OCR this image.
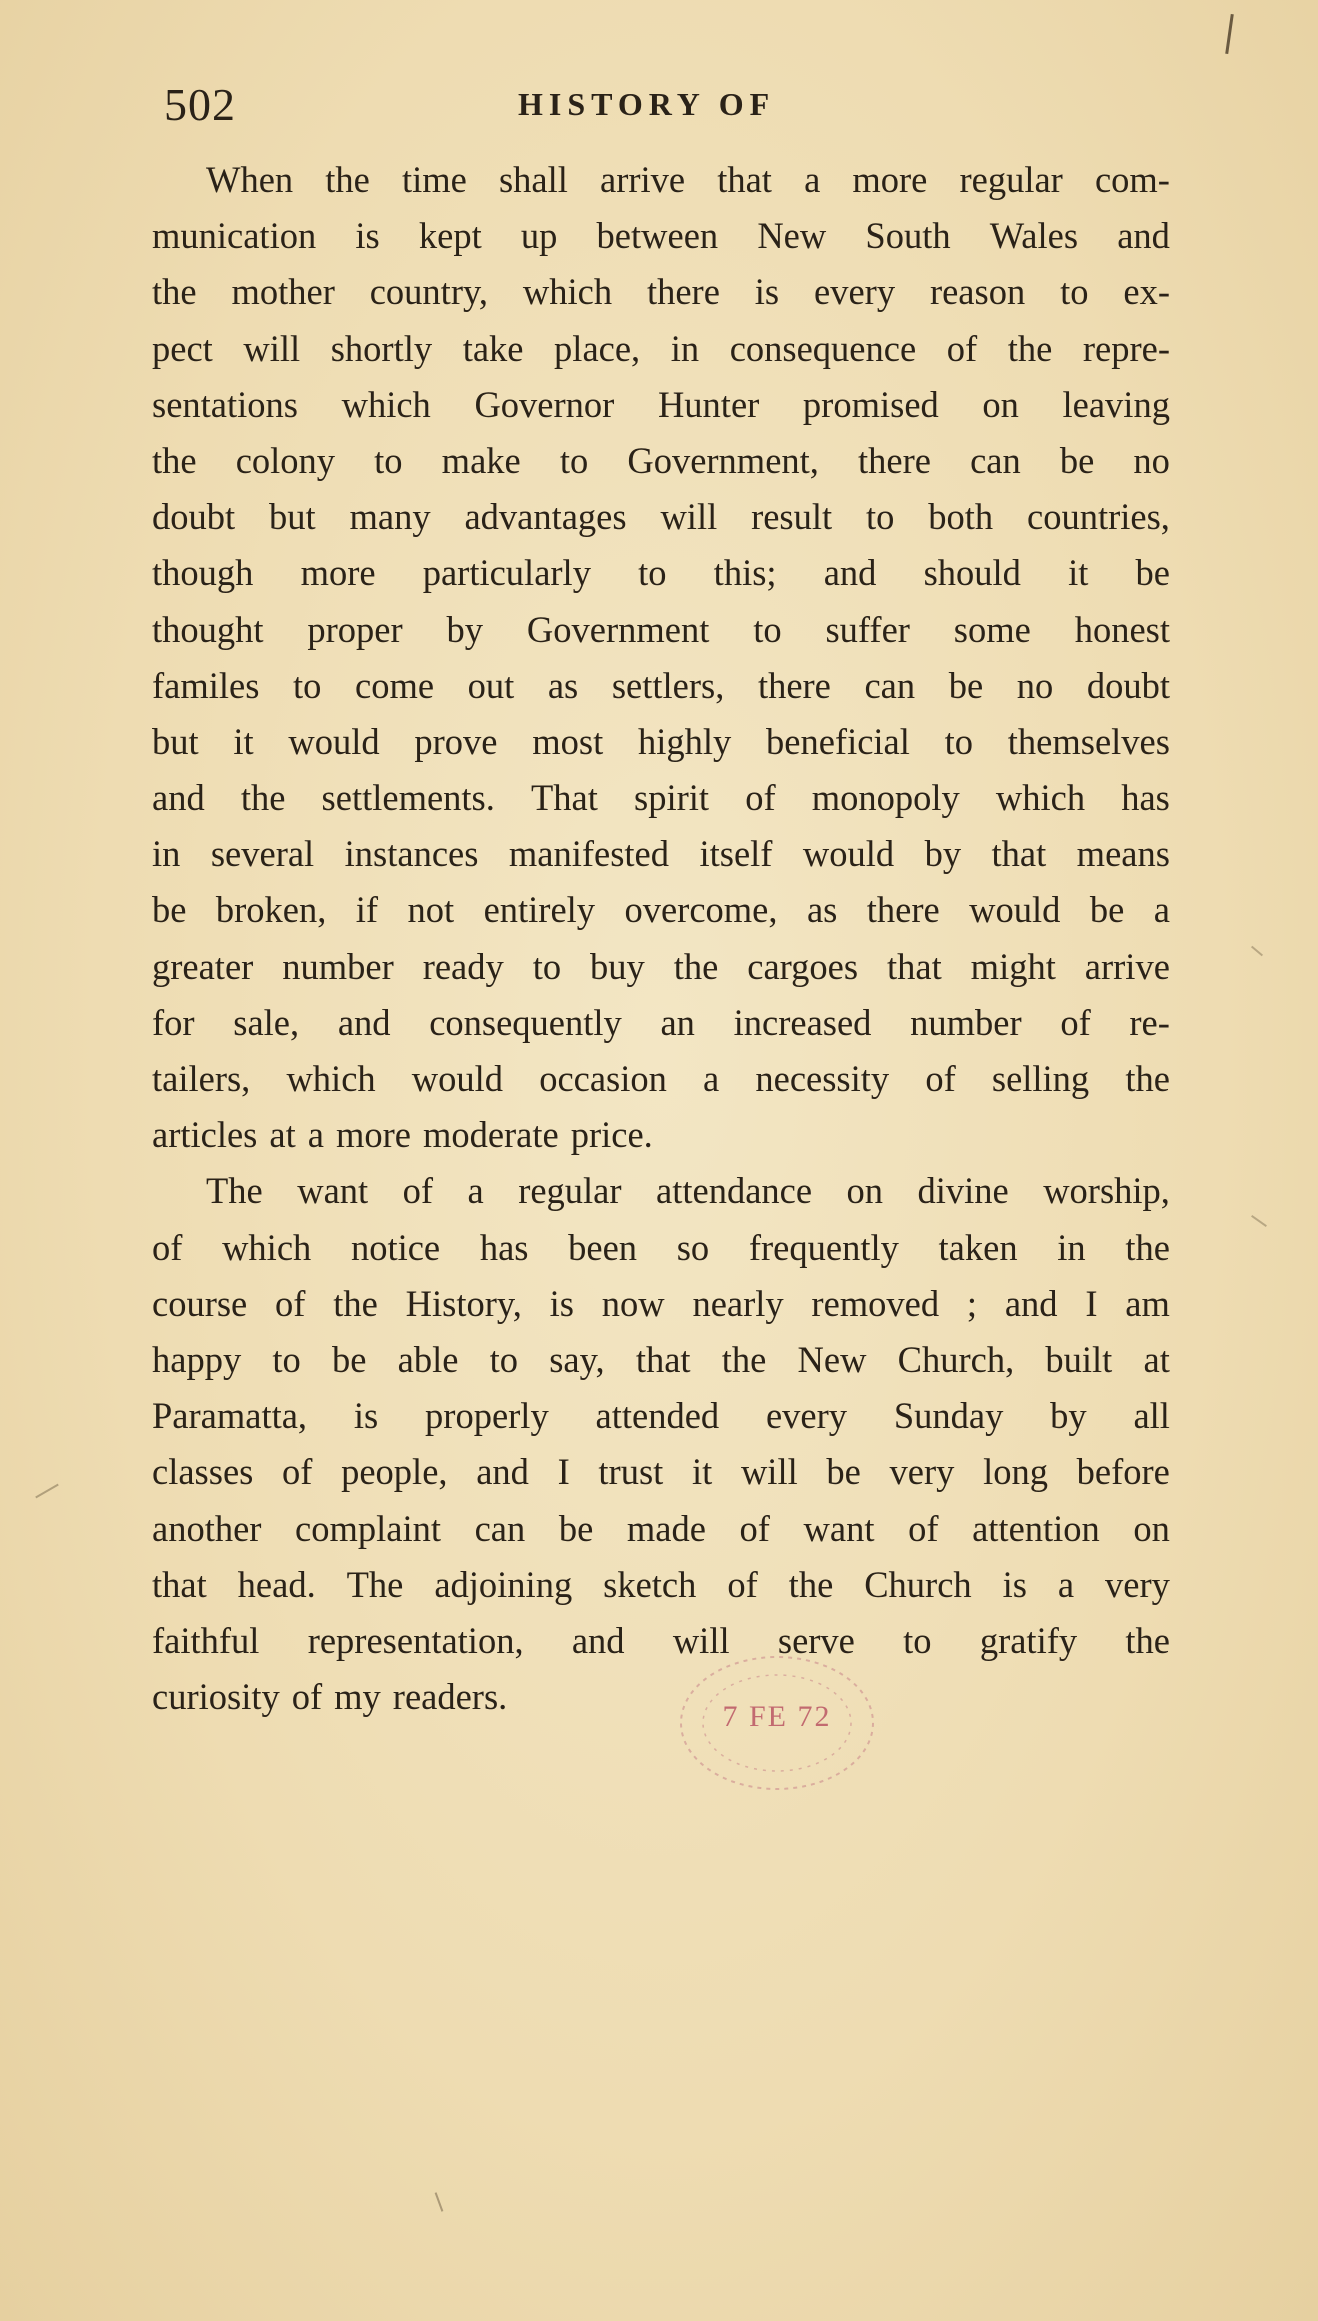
502	HISTORY OF
When the time shall arrive that a more regular com-
munication is kept up between New South Wales and
the mother country, which there is every reason to ex-
pect will shortly take place, in consequence of the repre-
sentations which Governor Hunter promised on leaving
the colony to make to Government, there can be no
doubt but many advantages will result to both countries,
though more particularly to this; and should it be
thought proper by Government to suffer some honest
familes to come out as settlers, there can be no doubt
but it would prove most highly beneficial to themselves
and the settlements. That spirit of monopoly which has
in several instances manifested itself would by that means
be broken, if not entirely overcome, as there would be a
greater number ready to buy the cargoes that might arrive
for sale, and consequently an increased number of re-
tailers, which would occasion a necessity of selling the
articles at a more moderate price.
The want of a regular attendance on divine worship,
of which notice has been so frequently taken in the
course of the History, is now nearly removed ; and I am
happy to be able to say, that the New Church, built at
Paramatta, is properly attended every Sunday by all
classes of people, and I trust it will be very long before
another complaint can be made of want of attention on
that head. The adjoining sketch of the Church is a very
faithful representation, and will serve to gratify the
curiosity of my readers.	7 FE 72
